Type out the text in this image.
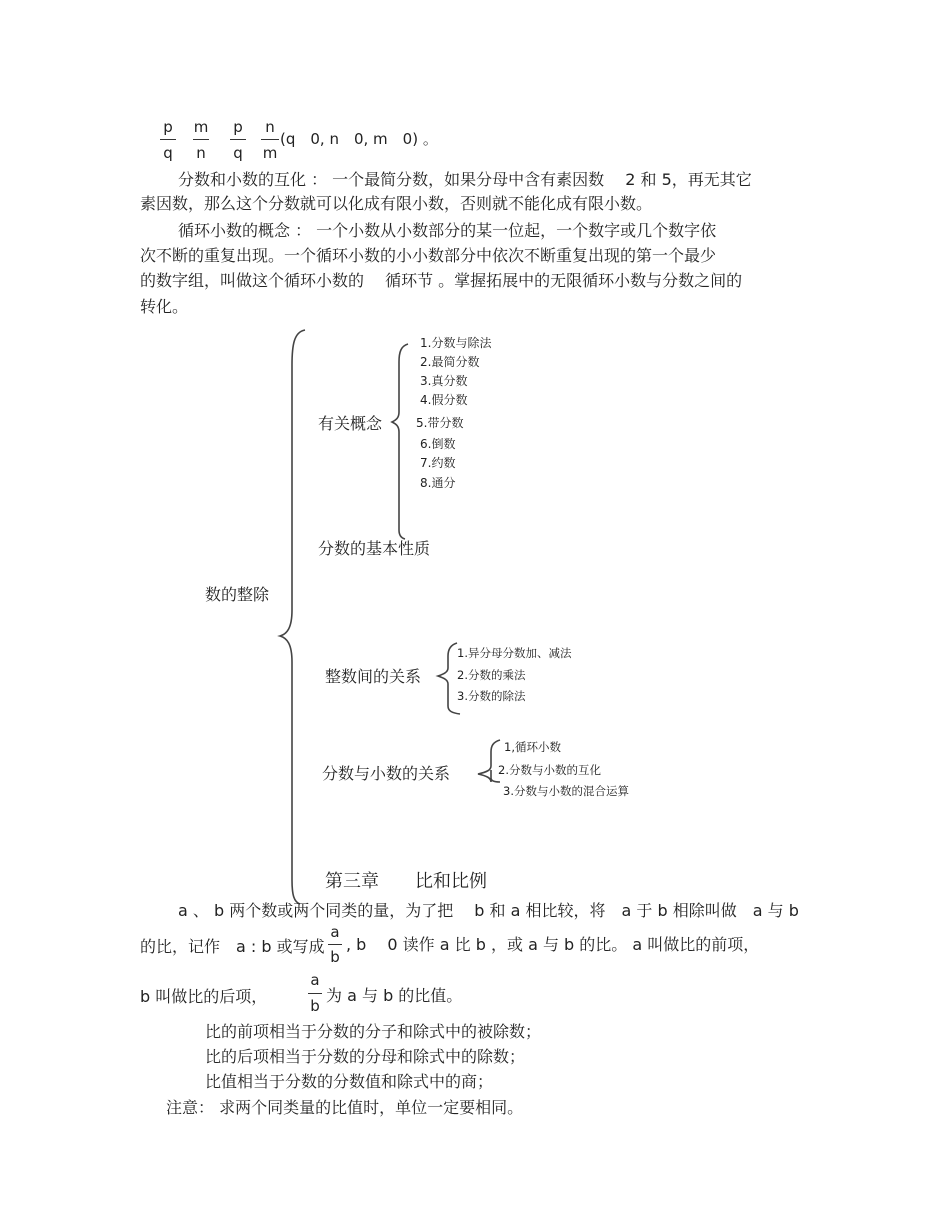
p
q
m
n
p
q
n
m
(q　0, n　0, m　0) 。
分数和小数的互化 ： 一个最简分数，如果分母中含有素因数　 2 和 5，再无其它
素因数，那么这个分数就可以化成有限小数，否则就不能化成有限小数。
循环小数的概念 ： 一个小数从小数部分的某一位起，一个数字或几个数字依
次不断的重复出现。一个循环小数的小小数部分中依次不断重复出现的第一个最少
的数字组，叫做这个循环小数的　 循环节 。掌握拓展中的无限循环小数与分数之间的
转化。
数的整除
有关概念
分数的基本性质
整数间的关系
分数与小数的关系
1.分数与除法
2.最简分数
3.真分数
4.假分数
5.带分数
6.倒数
7.约数
8.通分
1.异分母分数加、减法
2.分数的乘法
3.分数的除法
1,循环小数
2.分数与小数的互化
3.分数与小数的混合运算
第三章　　比和比例
a 、 b 两个数或两个同类的量，为了把　 b 和 a 相比较，将　a 于 b 相除叫做　a 与 b
的比，记作　a : b 或写成
a
b
, b　 0 读作 a 比 b ，或 a 与 b 的比。 a 叫做比的前项，
b 叫做比的后项，
a
b
为 a 与 b 的比值。
比的前项相当于分数的分子和除式中的被除数；
比的后项相当于分数的分母和除式中的除数；
比值相当于分数的分数值和除式中的商；
注意： 求两个同类量的比值时，单位一定要相同。
